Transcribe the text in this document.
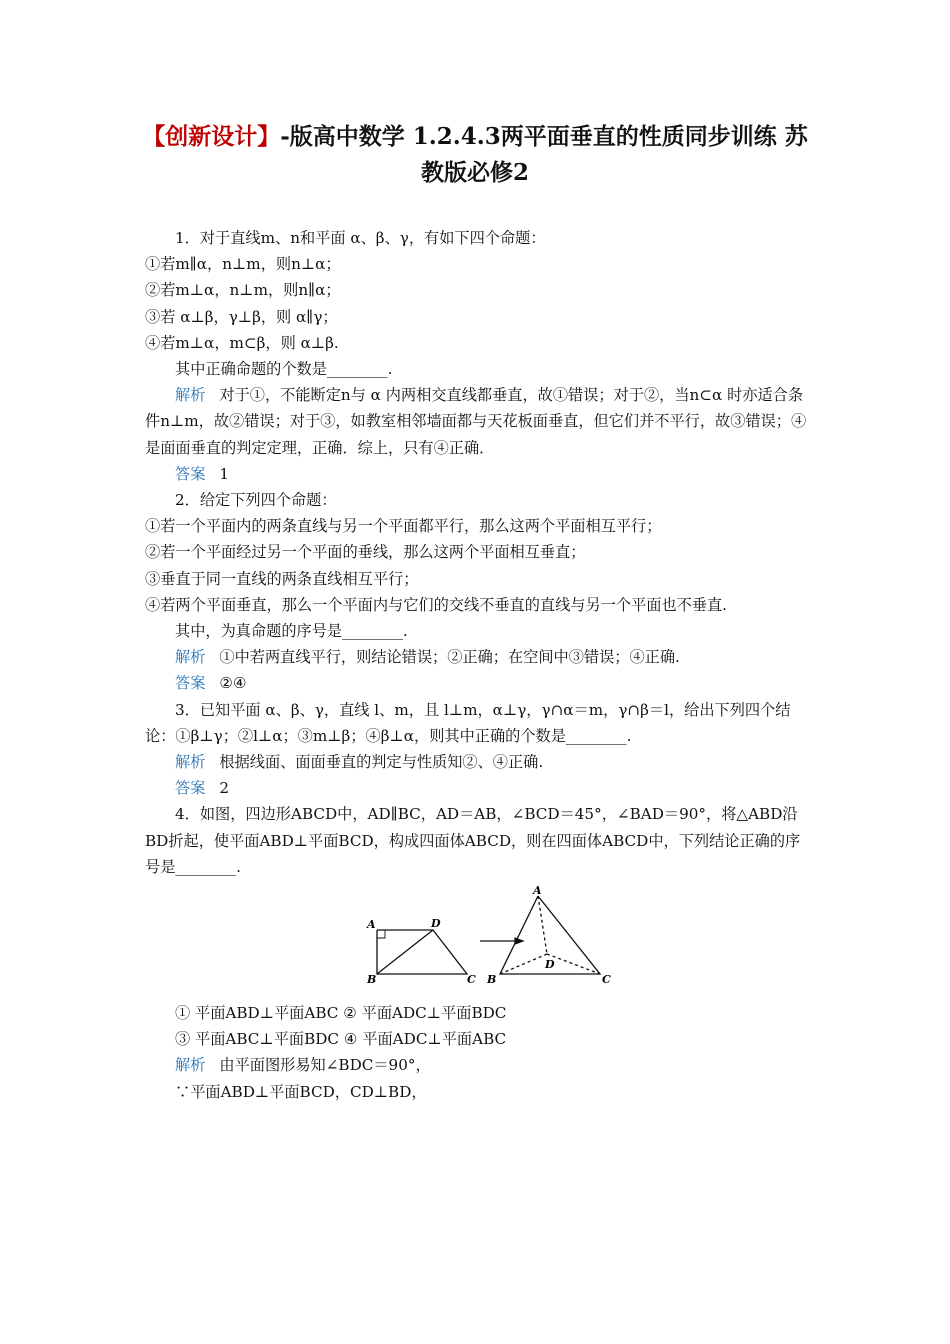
【创新设计】-版高中数学 1.2.4.3两平面垂直的性质同步训练 苏
教版必修2

1．对于直线m、n和平面 α、β、γ，有如下四个命题：

①若m∥α，n⊥m，则n⊥α；

②若m⊥α，n⊥m，则n∥α；

③若 α⊥β，γ⊥β，则 α∥γ；

④若m⊥α，m⊂β，则 α⊥β.

其中正确命题的个数是________.

解析 对于①，不能断定n与 α 内两相交直线都垂直，故①错误；对于②，当n⊂α 时亦适合条件n⊥m，故②错误；对于③，如教室相邻墙面都与天花板面垂直，但它们并不平行，故③错误；④是面面垂直的判定定理，正确．综上，只有④正确．

答案 1

2．给定下列四个命题：

①若一个平面内的两条直线与另一个平面都平行，那么这两个平面相互平行；

②若一个平面经过另一个平面的垂线，那么这两个平面相互垂直；

③垂直于同一直线的两条直线相互平行；

④若两个平面垂直，那么一个平面内与它们的交线不垂直的直线与另一个平面也不垂直.

其中，为真命题的序号是________.

解析 ①中若两直线平行，则结论错误；②正确；在空间中③错误；④正确.

答案 ②④

3．已知平面 α、β、γ，直线 l、m，且 l⊥m，α⊥γ，γ∩α＝m，γ∩β＝l，给出下列四个结论：①β⊥γ；②l⊥α；③m⊥β；④β⊥α，则其中正确的个数是________.

解析 根据线面、面面垂直的判定与性质知②、④正确.

答案 2

4．如图，四边形ABCD中，AD∥BC，AD＝AB，∠BCD＝45°，∠BAD＝90°，将△ABD沿BD折起，使平面ABD⊥平面BCD，构成四面体ABCD，则在四面体ABCD中，下列结论正确的序号是________.

A
B	C
D
A
B	C
D

① 平面ABD⊥平面ABC ② 平面ADC⊥平面BDC

③ 平面ABC⊥平面BDC ④ 平面ADC⊥平面ABC

解析 由平面图形易知∠BDC＝90°，

∵平面ABD⊥平面BCD，CD⊥BD，
